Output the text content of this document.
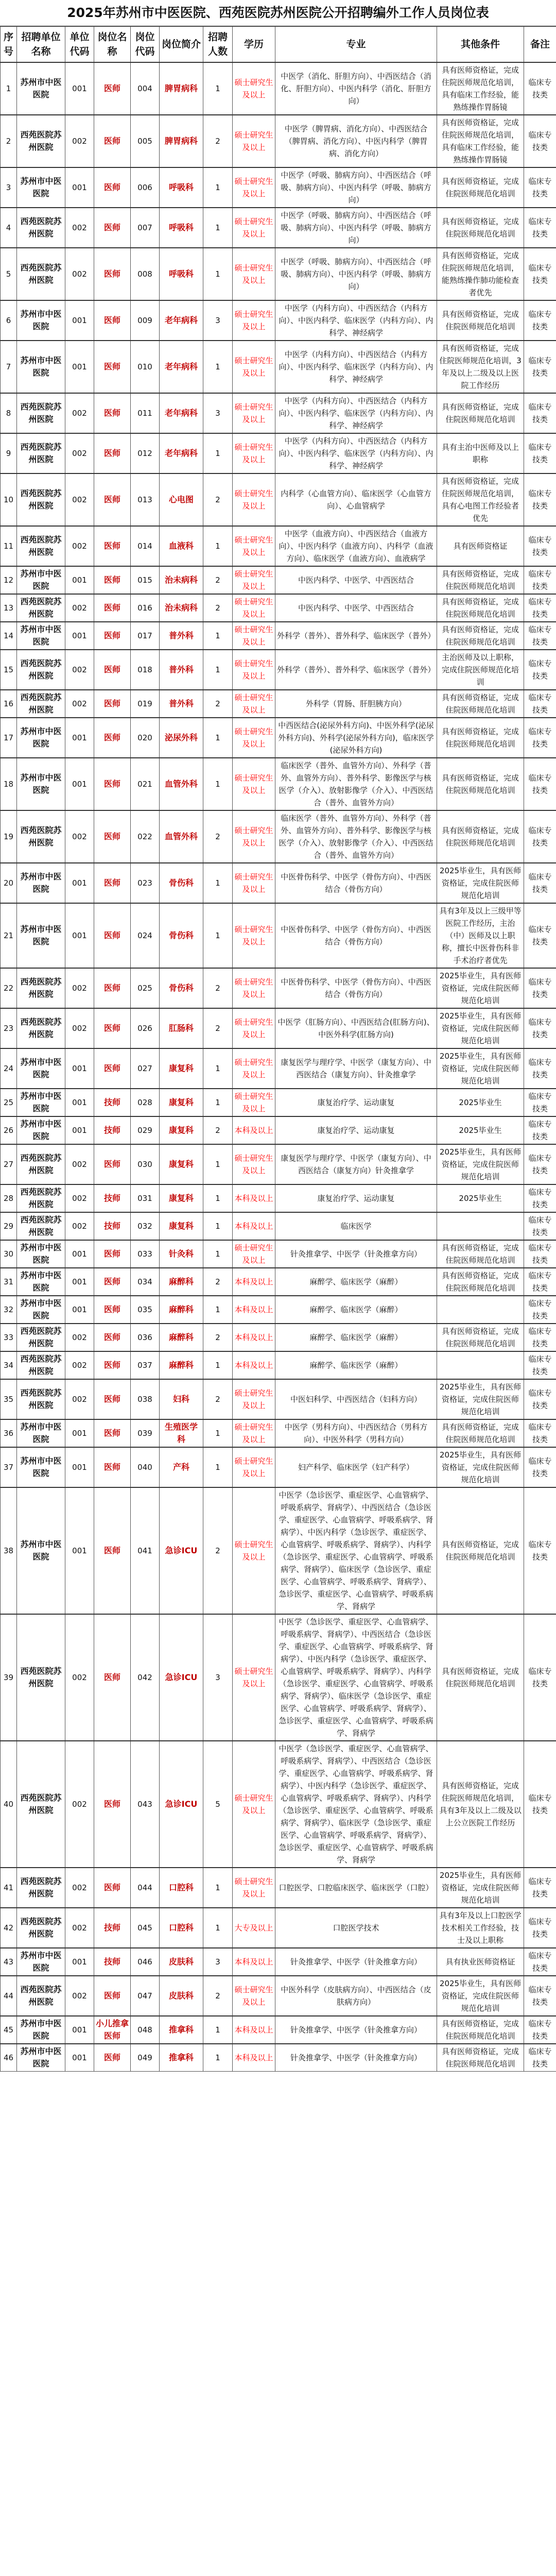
2025年苏州市中医医院、西苑医院苏州医院公开招聘编外工作人员岗位表
序号	招聘单位名称	单位代码	岗位名称	岗位代码	岗位简介	招聘人数	学历	专业	其他条件	备注
1	苏州市中医医院	001	医师	004	脾胃病科	1	硕士研究生及以上	中医学（消化、肝胆方向）、中西医结合（消化、肝胆方向）、中医内科学（消化、肝胆方向）	具有医师资格证，完成住院医师规范化培训，具有临床工作经验，能熟练操作胃肠镜	临床专技类
2	西苑医院苏州医院	002	医师	005	脾胃病科	2	硕士研究生及以上	中医学（脾胃病、消化方向）、中西医结合（脾胃病、消化方向）、中医内科学（脾胃病、消化方向）	具有医师资格证，完成住院医师规范化培训，具有临床工作经验，能熟练操作胃肠镜	临床专技类
3	苏州市中医医院	001	医师	006	呼吸科	1	硕士研究生及以上	中医学（呼吸、肺病方向）、中西医结合（呼吸、肺病方向）、中医内科学（呼吸、肺病方向）	具有医师资格证，完成住院医师规范化培训	临床专技类
4	西苑医院苏州医院	002	医师	007	呼吸科	1	硕士研究生及以上	中医学（呼吸、肺病方向）、中西医结合（呼吸、肺病方向）、中医内科学（呼吸、肺病方向）	具有医师资格证，完成住院医师规范化培训	临床专技类
5	西苑医院苏州医院	002	医师	008	呼吸科	1	硕士研究生及以上	中医学（呼吸、肺病方向）、中西医结合（呼吸、肺病方向）、中医内科学（呼吸、肺病方向）	具有医师资格证，完成住院医师规范化培训，能熟练操作肺功能检查者优先	临床专技类
6	苏州市中医医院	001	医师	009	老年病科	3	硕士研究生及以上	中医学（内科方向）、中西医结合（内科方向）、中医内科学、临床医学（内科方向）、内科学、神经病学	具有医师资格证，完成住院医师规范化培训	临床专技类
7	苏州市中医医院	001	医师	010	老年病科	1	硕士研究生及以上	中医学（内科方向）、中西医结合（内科方向）、中医内科学、临床医学（内科方向）、内科学、神经病学	具有医师资格证，完成住院医师规范化培训，3年及以上二级及以上医院工作经历	临床专技类
8	西苑医院苏州医院	002	医师	011	老年病科	3	硕士研究生及以上	中医学（内科方向）、中西医结合（内科方向）、中医内科学、临床医学（内科方向）、内科学、神经病学	具有医师资格证，完成住院医师规范化培训	临床专技类
9	西苑医院苏州医院	002	医师	012	老年病科	1	硕士研究生及以上	中医学（内科方向）、中西医结合（内科方向）、中医内科学、临床医学（内科方向）、内科学、神经病学	具有主治中医师及以上职称	临床专技类
10	西苑医院苏州医院	002	医师	013	心电图	2	硕士研究生及以上	内科学（心血管方向）、临床医学（心血管方向）、心血管病学	具有医师资格证，完成住院医师规范化培训，具有心电图工作经验者优先	临床专技类
11	西苑医院苏州医院	002	医师	014	血液科	1	硕士研究生及以上	中医学（血液方向）、中西医结合（血液方向）、中医内科学（血液方向）、内科学（血液方向）、临床医学（血液方向）、血液病学	具有医师资格证	临床专技类
12	苏州市中医医院	001	医师	015	治未病科	2	硕士研究生及以上	中医内科学、中医学、中西医结合	具有医师资格证，完成住院医师规范化培训	临床专技类
13	西苑医院苏州医院	002	医师	016	治未病科	2	硕士研究生及以上	中医内科学、中医学、中西医结合	具有医师资格证，完成住院医师规范化培训	临床专技类
14	苏州市中医医院	001	医师	017	普外科	1	硕士研究生及以上	外科学（普外）、普外科学、临床医学（普外）	具有医师资格证，完成住院医师规范化培训	临床专技类
15	西苑医院苏州医院	002	医师	018	普外科	1	硕士研究生及以上	外科学（普外）、普外科学、临床医学（普外）	主治医师及以上职称，完成住院医师规范化培训	临床专技类
16	西苑医院苏州医院	002	医师	019	普外科	2	硕士研究生及以上	外科学（胃肠、肝胆胰方向）	具有医师资格证，完成住院医师规范化培训	临床专技类
17	苏州市中医医院	001	医师	020	泌尿外科	1	硕士研究生及以上	中西医结合(泌尿外科方向)、中医外科学(泌尿外科方向)、外科学(泌尿外科方向)，临床医学(泌尿外科方向)	具有医师资格证，完成住院医师规范化培训	临床专技类
18	苏州市中医医院	001	医师	021	血管外科	1	硕士研究生及以上	临床医学（普外、血管外方向）、外科学（普外、血管外方向）、普外科学、影像医学与核医学（介入）、放射影像学（介入）、中西医结合（普外、血管外方向）	具有医师资格证，完成住院医师规范化培训	临床专技类
19	西苑医院苏州医院	002	医师	022	血管外科	2	硕士研究生及以上	临床医学（普外、血管外方向）、外科学（普外、血管外方向）、普外科学、影像医学与核医学（介入）、放射影像学（介入）、中西医结合（普外、血管外方向）	具有医师资格证，完成住院医师规范化培训	临床专技类
20	苏州市中医医院	001	医师	023	骨伤科	1	硕士研究生及以上	中医骨伤科学、中医学（骨伤方向）、中西医结合（骨伤方向）	2025毕业生，具有医师资格证，完成住院医师规范化培训	临床专技类
21	苏州市中医医院	001	医师	024	骨伤科	1	硕士研究生及以上	中医骨伤科学、中医学（骨伤方向）、中西医结合（骨伤方向）	具有3年及以上三级甲等医院工作经历，主治（中）医师及以上职称，擅长中医骨伤科非手术治疗者优先	临床专技类
22	西苑医院苏州医院	002	医师	025	骨伤科	2	硕士研究生及以上	中医骨伤科学、中医学（骨伤方向）、中西医结合（骨伤方向）	2025毕业生，具有医师资格证，完成住院医师规范化培训	临床专技类
23	西苑医院苏州医院	002	医师	026	肛肠科	2	硕士研究生及以上	中医学（肛肠方向）、中西医结合(肛肠方向)、中医外科学(肛肠方向)	2025毕业生，具有医师资格证，完成住院医师规范化培训	临床专技类
24	苏州市中医医院	001	医师	027	康复科	1	硕士研究生及以上	康复医学与理疗学、中医学（康复方向）、中西医结合（康复方向）、针灸推拿学	2025毕业生，具有医师资格证，完成住院医师规范化培训	临床专技类
25	苏州市中医医院	001	技师	028	康复科	1	硕士研究生及以上	康复治疗学、运动康复	2025毕业生	临床专技类
26	苏州市中医医院	001	技师	029	康复科	2	本科及以上	康复治疗学、运动康复	2025毕业生	临床专技类
27	西苑医院苏州医院	002	医师	030	康复科	1	硕士研究生及以上	康复医学与理疗学、中医学（康复方向）、中西医结合（康复方向）针灸推拿学	2025毕业生，具有医师资格证，完成住院医师规范化培训	临床专技类
28	西苑医院苏州医院	002	技师	031	康复科	1	本科及以上	康复治疗学、运动康复	2025毕业生	临床专技类
29	西苑医院苏州医院	002	技师	032	康复科	1	本科及以上	临床医学		临床专技类
30	苏州市中医医院	001	医师	033	针灸科	1	硕士研究生及以上	针灸推拿学、中医学（针灸推拿方向）	具有医师资格证，完成住院医师规范化培训	临床专技类
31	苏州市中医医院	001	医师	034	麻醉科	2	本科及以上	麻醉学、临床医学（麻醉）	具有医师资格证，完成住院医师规范化培训	临床专技类
32	苏州市中医医院	001	医师	035	麻醉科	1	本科及以上	麻醉学、临床医学（麻醉）		临床专技类
33	西苑医院苏州医院	002	医师	036	麻醉科	2	本科及以上	麻醉学、临床医学（麻醉）	具有医师资格证，完成住院医师规范化培训	临床专技类
34	西苑医院苏州医院	002	医师	037	麻醉科	1	本科及以上	麻醉学、临床医学（麻醉）		临床专技类
35	西苑医院苏州医院	002	医师	038	妇科	2	硕士研究生及以上	中医妇科学、中西医结合（妇科方向）	2025毕业生，具有医师资格证，完成住院医师规范化培训	临床专技类
36	苏州市中医医院	001	医师	039	生殖医学科	1	硕士研究生及以上	中医学（男科方向）、中西医结合（男科方向）、中医外科学（男科方向）	具有医师资格证，完成住院医师规范化培训	临床专技类
37	苏州市中医医院	001	医师	040	产科	1	硕士研究生及以上	妇产科学、临床医学（妇产科学）	2025毕业生，具有医师资格证，完成住院医师规范化培训	临床专技类
38	苏州市中医医院	001	医师	041	急诊ICU	2	硕士研究生及以上	中医学（急诊医学、重症医学、心血管病学、呼吸系病学、肾病学）、中西医结合（急诊医学、重症医学、心血管病学、呼吸系病学、肾病学）、中医内科学（急诊医学、重症医学、心血管病学、呼吸系病学、肾病学）、内科学（急诊医学、重症医学、心血管病学、呼吸系病学、肾病学）、临床医学（急诊医学、重症医学、心血管病学、呼吸系病学、肾病学）、急诊医学、重症医学、心血管病学、呼吸系病学、肾病学	具有医师资格证，完成住院医师规范化培训	临床专技类
39	西苑医院苏州医院	002	医师	042	急诊ICU	3	硕士研究生及以上	中医学（急诊医学、重症医学、心血管病学、呼吸系病学、肾病学）、中西医结合（急诊医学、重症医学、心血管病学、呼吸系病学、肾病学）、中医内科学（急诊医学、重症医学、心血管病学、呼吸系病学、肾病学）、内科学（急诊医学、重症医学、心血管病学、呼吸系病学、肾病学）、临床医学（急诊医学、重症医学、心血管病学、呼吸系病学、肾病学）、急诊医学、重症医学、心血管病学、呼吸系病学、肾病学	具有医师资格证，完成住院医师规范化培训	临床专技类
40	西苑医院苏州医院	002	医师	043	急诊ICU	5	硕士研究生及以上	中医学（急诊医学、重症医学、心血管病学、呼吸系病学、肾病学）、中西医结合（急诊医学、重症医学、心血管病学、呼吸系病学、肾病学）、中医内科学（急诊医学、重症医学、心血管病学、呼吸系病学、肾病学）、内科学（急诊医学、重症医学、心血管病学、呼吸系病学、肾病学）、临床医学（急诊医学、重症医学、心血管病学、呼吸系病学、肾病学）、急诊医学、重症医学、心血管病学、呼吸系病学、肾病学	具有医师资格证，完成住院医师规范化培训，具有3年及以上二级及以上公立医院工作经历	临床专技类
41	西苑医院苏州医院	002	医师	044	口腔科	1	硕士研究生及以上	口腔医学、口腔临床医学、临床医学（口腔）	2025毕业生，具有医师资格证，完成住院医师规范化培训	临床专技类
42	西苑医院苏州医院	002	技师	045	口腔科	1	大专及以上	口腔医学技术	具有3年及以上口腔医学技术相关工作经验，技士及以上职称	临床专技类
43	苏州市中医医院	001	技师	046	皮肤科	3	本科及以上	针灸推拿学、中医学（针灸推拿方向）	具有执业医师资格证	临床专技类
44	西苑医院苏州医院	002	医师	047	皮肤科	2	硕士研究生及以上	中医外科学（皮肤病方向）、中西医结合（皮肤病方向）	2025毕业生，具有医师资格证，完成住院医师规范化培训	临床专技类
45	苏州市中医医院	001	小儿推拿医师	048	推拿科	1	本科及以上	针灸推拿学、中医学（针灸推拿方向）	具有医师资格证，完成住院医师规范化培训	临床专技类
46	苏州市中医医院	001	医师	049	推拿科	1	本科及以上	针灸推拿学、中医学（针灸推拿方向）	具有医师资格证，完成住院医师规范化培训	临床专技类
